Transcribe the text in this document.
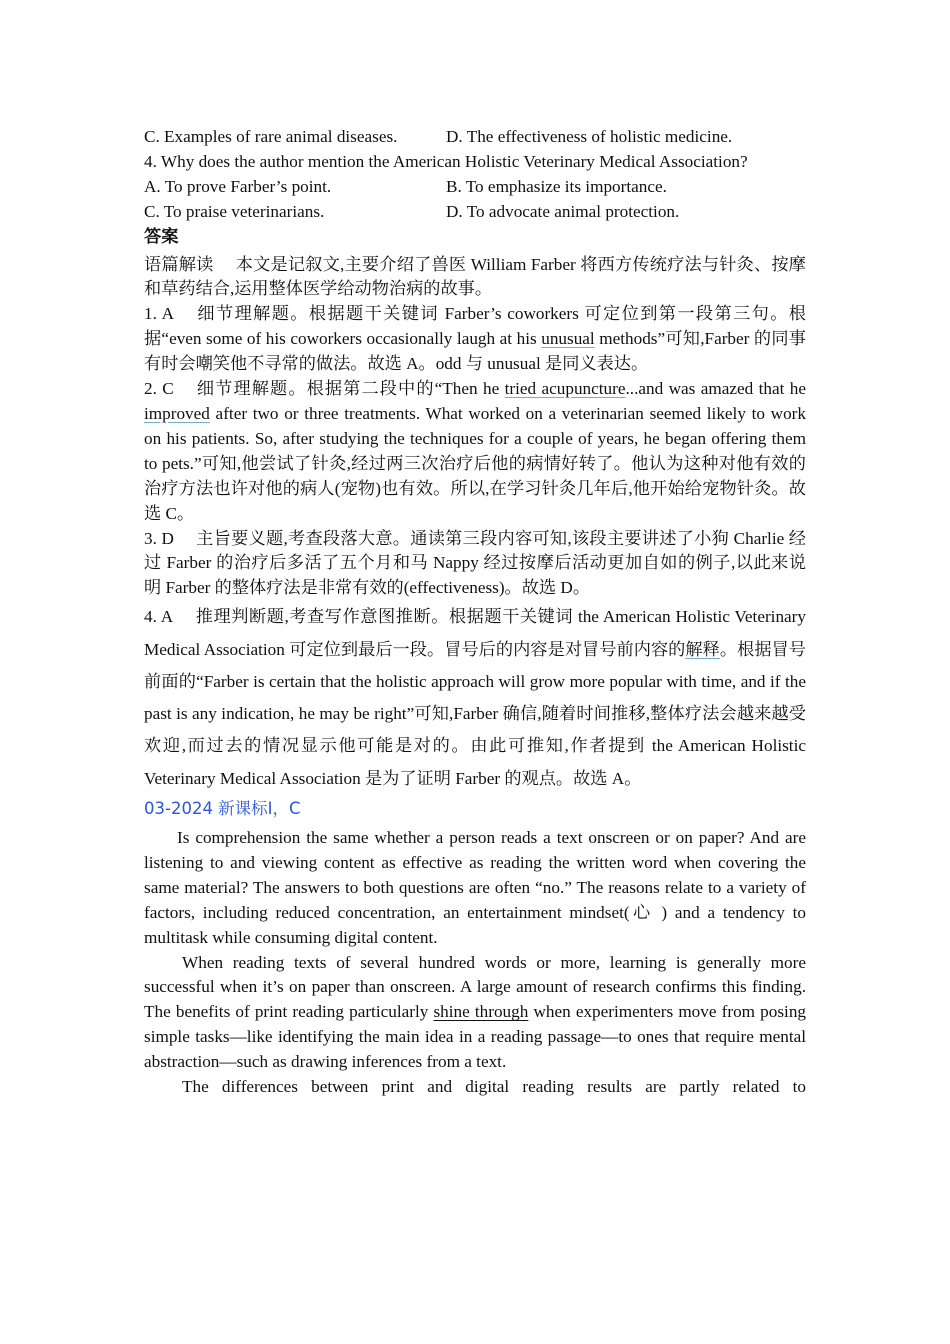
C. Examples of rare animal diseases.	D. The effectiveness of holistic medicine.
4. Why does the author mention the American Holistic Veterinary Medical Association?
A. To prove Farber’s point.	B. To emphasize its importance.
C. To praise veterinarians.	D. To advocate animal protection.
答案
语篇解读 本文是记叙文,主要介绍了兽医 William Farber 将西方传统疗法与针灸、按摩和草药结合,运用整体医学给动物治病的故事。
1. A 细节理解题。根据题干关键词 Farber’s coworkers 可定位到第一段第三句。根据“even some of his coworkers occasionally laugh at his unusual methods”可知,Farber 的同事有时会嘲笑他不寻常的做法。故选 A。odd 与 unusual 是同义表达。
2. C 细节理解题。根据第二段中的“Then he tried acupuncture...and was amazed that he improved after two or three treatments. What worked on a veterinarian seemed likely to work on his patients. So, after studying the techniques for a couple of years, he began offering them to pets.”可知,他尝试了针灸,经过两三次治疗后他的病情好转了。他认为这种对他有效的治疗方法也许对他的病人(宠物)也有效。所以,在学习针灸几年后,他开始给宠物针灸。故选 C。
3. D 主旨要义题,考查段落大意。通读第三段内容可知,该段主要讲述了小狗 Charlie 经过 Farber 的治疗后多活了五个月和马 Nappy 经过按摩后活动更加自如的例子,以此来说明 Farber 的整体疗法是非常有效的(effectiveness)。故选 D。
4. A 推理判断题,考查写作意图推断。根据题干关键词 the American Holistic Veterinary Medical Association 可定位到最后一段。冒号后的内容是对冒号前内容的解释。根据冒号前面的“Farber is certain that the holistic approach will grow more popular with time, and if the past is any indication, he may be right”可知,Farber 确信,随着时间推移,整体疗法会越来越受欢迎,而过去的情况显示他可能是对的。由此可推知,作者提到 the American Holistic Veterinary Medical Association 是为了证明 Farber 的观点。故选 A。
03-2024 新课标Ⅰ，C
Is comprehension the same whether a person reads a text onscreen or on paper? And are listening to and viewing content as effective as reading the written word when covering the same material? The answers to both questions are often “no.” The reasons relate to a variety of factors, including reduced concentration, an entertainment mindset(心 ) and a tendency to multitask while consuming digital content.
When reading texts of several hundred words or more, learning is generally more successful when it’s on paper than onscreen. A large amount of research confirms this finding. The benefits of print reading particularly shine through when experimenters move from posing simple tasks—like identifying the main idea in a reading passage—to ones that require mental abstraction—such as drawing inferences from a text.
The differences between print and digital reading results are partly related to
